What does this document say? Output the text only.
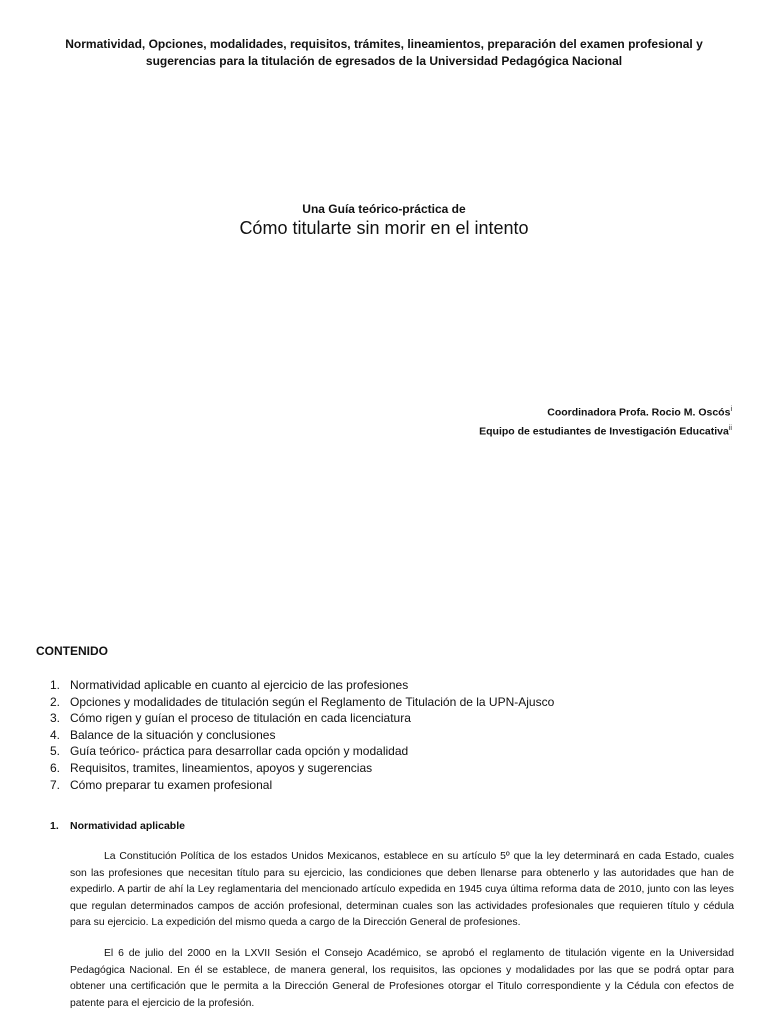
Normatividad, Opciones, modalidades, requisitos, trámites, lineamientos, preparación del examen profesional y
sugerencias para la titulación de egresados de la Universidad Pedagógica Nacional
Una Guía teórico-práctica de
Cómo titularte sin morir en el intento
Coordinadora Profa. Rocio M. Oscós$^i$
Equipo de estudiantes de Investigación Educativa$^{ii}$
CONTENIDO
1. Normatividad aplicable en cuanto al ejercicio de las profesiones
2. Opciones y modalidades de titulación según el Reglamento de Titulación de la UPN-Ajusco
3. Cómo rigen y guían el proceso de titulación en cada licenciatura
4. Balance de la situación y conclusiones
5. Guía teórico- práctica para desarrollar cada opción y modalidad
6. Requisitos, tramites, lineamientos, apoyos y sugerencias
7. Cómo preparar tu examen profesional
1. Normatividad aplicable

La Constitución Política de los estados Unidos Mexicanos, establece en su artículo 5º que la ley determinará en cada Estado, cuales son las profesiones que necesitan título para su ejercicio, las condiciones que deben llenarse para obtenerlo y las autoridades que han de expedirlo. A partir de ahí la Ley reglamentaria del mencionado artículo expedida en 1945 cuya última reforma data de 2010, junto con las leyes que regulan determinados campos de acción profesional, determinan cuales son las actividades profesionales que requieren título y cédula para su ejercicio. La expedición del mismo queda a cargo de la Dirección General de profesiones.

El 6 de julio del 2000 en la LXVII Sesión el Consejo Académico, se aprobó el reglamento de titulación vigente en la Universidad Pedagógica Nacional. En él se establece, de manera general, los requisitos, las opciones y modalidades por las que se podrá optar para obtener una certificación que le permita a la Dirección General de Profesiones otorgar el Titulo correspondiente y la Cédula con efectos de patente para el ejercicio de la profesión.
